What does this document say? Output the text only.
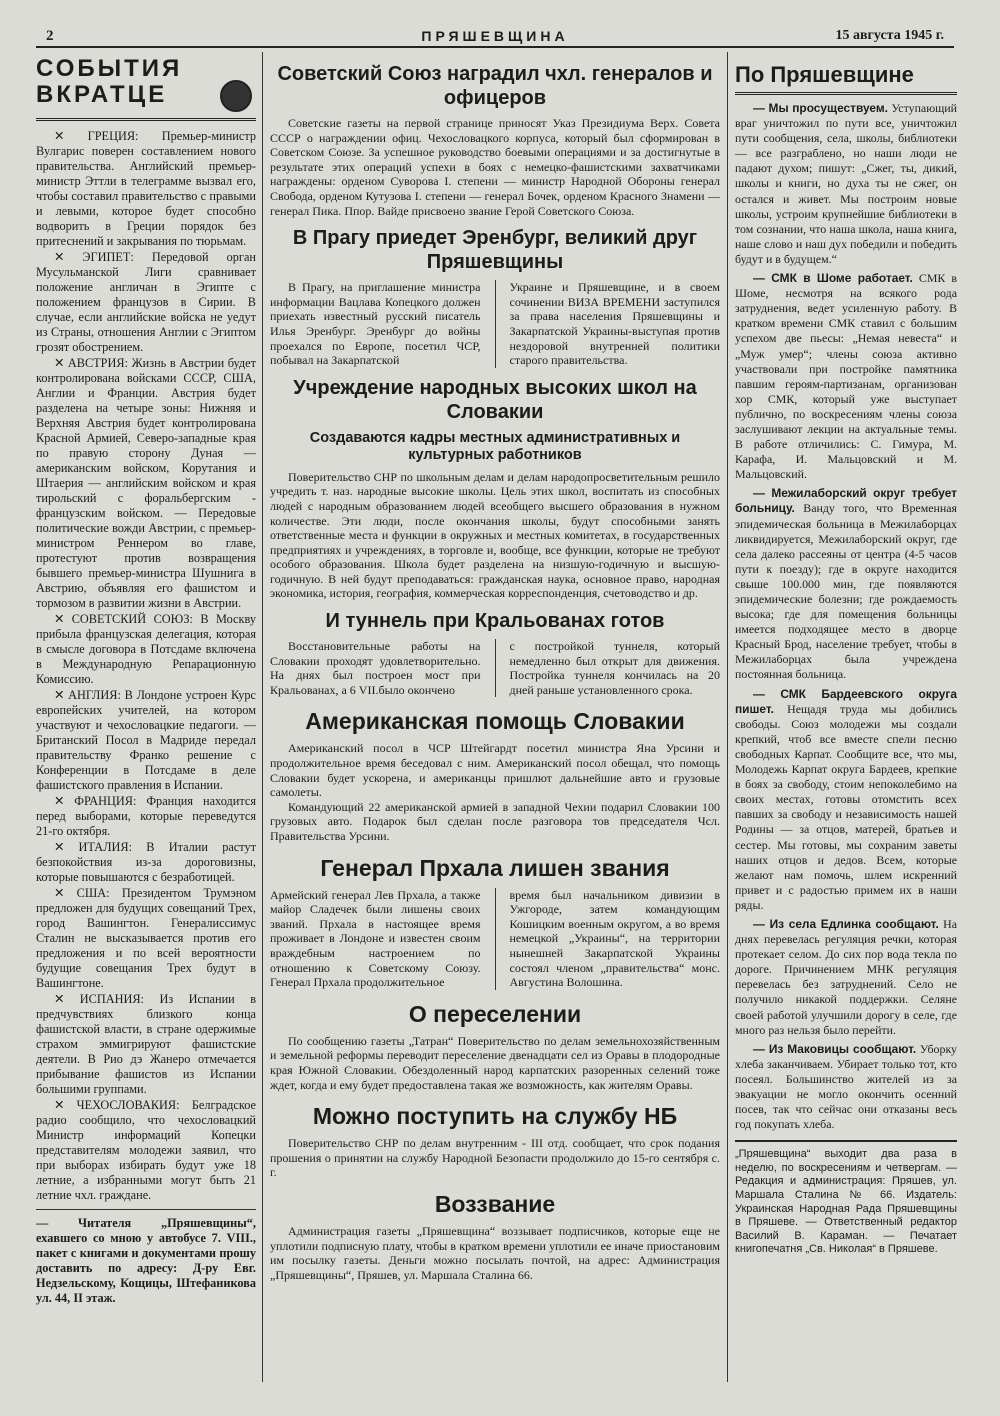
2	ПРЯШЕВЩИНА	15 августа 1945 г.
СОБЫТИЯ
ВКРАТЦЕ

✕ ГРЕЦИЯ: Премьер-министр Вулгарис поверен составлением нового правительства. Английский премьер-министр Эттли в телеграмме вызвал его, чтобы составил правительство с правыми и левыми, которое будет способно водворить в Греции порядок без притеснений и закрывания по тюрьмам.

✕ ЭГИПЕТ: Передовой орган Мусульманской Лиги сравнивает положение англичан в Эгипте с положением французов в Сирии. В случае, если английские войска не уедут из Страны, отношения Англии с Эгиптом грозят обострением.

✕ АВСТРИЯ: Жизнь в Австрии будет контролирована войсками СССР, США, Англии и Франции. Австрия будет разделена на четыре зоны: Нижняя и Верхняя Австрия будет контролирована Красной Армией, Северо-западные края по правую сторону Дуная — американским войском, Корутания и Штаерия — английским войском и края тирольский с форальбергским - французским войском. — Передовые политические вожди Австрии, с премьер-министром Реннером во главе, протестуют против возвращения бывшего премьер-министра Шушнига в Австрию, объявляя его фашистом и тормозом в развитии жизни в Австрии.

✕ СОВЕТСКИЙ СОЮЗ: В Москву прибыла французская делегация, которая в смысле договора в Потсдаме включена в Международную Репарационную Комиссию.

✕ АНГЛИЯ: В Лондоне устроен Курс европейских учителей, на котором участвуют и чехословацкие педагоги. — Британский Посол в Мадриде передал правительству Франко решение с Конференции в Потсдаме в деле фашистского правления в Испании.

✕ ФРАНЦИЯ: Франция находится перед выборами, которые переведутся 21-го октября.

✕ ИТАЛИЯ: В Италии растут безпокойствия из-за дороговизны, которые повышаются с безработицей.

✕ США: Президентом Трумэном предложен для будущих совещаний Трех, город Вашингтон. Генералиссимус Сталин не высказывается против его предложения и по всей вероятности будущие совещания Трех будут в Вашингтоне.

✕ ИСПАНИЯ: Из Испании в предчувствиях близкого конца фашистской власти, в стране одержимые страхом эммигрируют фашистские деятели. В Рио дэ Жанеро отмечается прибывание фашистов из Испании большими группами.

✕ ЧЕХОСЛОВАКИЯ: Белградское радио сообщило, что чехословацкий Министр информаций Копецки представителям молодежи заявил, что при выборах избирать будут уже 18 летние, а избранными могут быть 21 летние чхл. граждане.

— Читателя „Пряшевщины“, ехавшего со мною у автобусе 7. VIII., пакет с книгами и документами прошу доставить по адресу: Д-ру Евг. Недзельскому, Кощицы, Штефаникова ул. 44, II этаж.

Советский Союз наградил чхл. генералов и офицеров

Советские газеты на первой странице приносят Указ Президиума Верх. Совета СССР о награждении офиц. Чехословацкого корпуса, который был сформирован в Советском Союзе. За успешное руководство боевыми операциями и за достигнутые в результате этих операций успехи в боях с немецко-фашистскими захватчиками награждены: орденом Суворова I. степени — министр Народной Обороны генерал Свобода, орденом Кутузова I. степени — генерал Бочек, орденом Красного Знамени — генерал Пика. Ппор. Вайде присвоено звание Герой Советского Союза.

В Прагу приедет Эренбург, великий друг Пряшевщины

В Прагу, на приглашение министра информации Вацлава Копецкого должен приехать известный русский писатель Илья Эренбург. Эренбург до войны проехался по Европе, посетил ЧСР, побывал на Закарпатской

Украине и Пряшевщине, и в своем сочинении ВИЗА ВРЕМЕНИ заступился за права населения Пряшевщины и Закарпатской Украины-выступая против нездоровой внутренней политики старого правительства.

Учреждение народных высоких школ на Словакии
Создаваются кадры местных административных и культурных работников

Поверительство СНР по школьным делам и делам народопросветительным решило учредить т. наз. народные высокие школы. Цель этих школ, воспитать из способных людей с народным образованием людей всеобщего высшего образования в нужном количестве. Эти люди, после окончания школы, будут способными занять ответственные места и функции в окружных и местных комитетах, в государственных предприятиях и учреждениях, в торговле и, вообще, все функции, которые не требуют особого образования. Школа будет разделена на низшую-годичную и высшую-годичную. В ней будут преподаваться: гражданская наука, основное право, народная экономика, история, география, коммерческая корреспонденция, счетоводство и др.

И туннель при Кральованах готов

Восстановительные работы на Словакии проходят удовлетворительно. На днях был построен мост при Кральованах, а 6 VII.было окончено

с постройкой туннеля, который немедленно был открыт для движения. Постройка туннеля кончилась на 20 дней раньше установленного срока.

Американская помощь Словакии

Американский посол в ЧСР Штейгардт посетил министра Яна Урсини и продолжительное время беседовал с ним. Американский посол обещал, что помощь Словакии будет ускорена, и американцы пришлют дальнейшие авто и грузовые самолеты.

Командующий 22 американской армией в западной Чехии подарил Словакии 100 грузовых авто. Подарок был сделан после разговора тов председателя Чсл. Правительства Урсини.

Генерал Прхала лишен звания

Армейский генерал Лев Прхала, а также майор Сладечек были лишены своих званий. Прхала в настоящее время проживает в Лондоне и известен своим враждебным настроением по отношению к Советскому Союзу. Генерал Прхала продолжительное

время был начальником дивизии в Ужгороде, затем командующим Кошицким военным округом, а во время немецкой „Украины“, на территории нынешней Закарпатской Украины состоял членом „правительства“ монс. Августина Волошина.

О переселении

По сообщению газеты „Татран“ Поверительство по делам земельнохозяйственным и земельной реформы переводит переселение двенадцати сел из Оравы в плодородные края Южной Словакии. Обездоленный народ карпатских разоренных селений тоже ждет, когда и ему будет предоставлена такая же возможность, как жителям Оравы.

Можно поступить на службу НБ

Поверительство СНР по делам внутренним - III отд. сообщает, что срок подания прошения о принятии на службу Народной Безопасти продолжило до 15-го сентября с. г.

Воззвание

Администрация газеты „Пряшевщина“ воззывает подписчиков, которые еще не уплотили подписную плату, чтобы в кратком времени уплотили ее иначе приостановим им посылку газеты. Деньги можно посылать почтой, на адрес: Администрация „Пряшевщины“, Пряшев, ул. Маршала Сталина 66.

По Пряшевщине

— Мы просуществуем. Уступающий враг уничтожил по пути все, уничтожил пути сообщения, села, школы, библиотеки — все разграблено, но наши люди не падают духом; пишут: „Сжег, ты, дикий, школы и книги, но духа ты не сжег, он остался и живет. Мы построим новые школы, устроим крупнейшие библиотеки в том сознании, что наша школа, наша книга, наше слово и наш дух победили и победить будут и в будущем.“

— СМК в Шоме работает. СМК в Шоме, несмотря на всякого рода затруднения, ведет усиленную работу. В кратком времени СМК ставил с большим успехом две пьесы: „Немая невеста“ и „Муж умер“; члены союза активно участвовали при постройке памятника павшим героям-партизанам, организован хор СМК, который уже выступает публично, по воскресениям члены союза заслушивают лекции на актуальные темы. В работе отличились: С. Гимура, М. Карафа, И. Мальцовский и М. Мальцовский.

— Межилаборский округ требует больницу. Ванду того, что Временная эпидемическая больница в Межилаборцах ликвидируется, Межилаборский округ, где села далеко рассеяны от центра (4-5 часов пути к поезду); где в округе находится свыше 100.000 мин, где появляются эпидемические болезни; где рождаемость высока; где для помещения больницы имеется подходящее место в дворце Красный Брод, население требует, чтобы в Межилаборцах была учреждена постоянная больница.

— СМК Бардеевского округа пишет. Нещадя труда мы добились свободы. Союз молодежи мы создали крепкий, чтоб все вместе спели песню свободных Карпат. Сообщите все, что мы, Молодежь Карпат округа Бардеев, крепкие в боях за свободу, стоим непоколебимо на своих местах, готовы отомстить всех павших за свободу и независимость нашей Родины — за отцов, матерей, братьев и сестер. Мы готовы, мы сохраним заветы наших отцов и дедов. Всем, которые желают нам помочь, шлем искренний привет и с радостью примем их в наши ряды.

— Из села Едлинка сообщают. На днях перевелась регуляция речки, которая протекает селом. До сих пор вода текла по дороге. Причинением МНК регуляция перевелась без затруднений. Село не получило никакой поддержки. Селяне своей работой улучшили дорогу в селе, где много раз нельзя было перейти.

— Из Маковицы сообщают. Уборку хлеба заканчиваем. Убирает только тот, кто посеял. Большинство жителей из за эвакуации не могло окончить осенний посев, так что сейчас они отказаны весь год покупать хлеба.

„Пряшевщина“ выходит два раза в неделю, по воскресениям и четвергам. — Редакция и администрация: Пряшев, ул. Маршала Сталина № 66. Издатель: Украинская Народная Рада Пряшевщины в Пряшеве. — Ответственный редактор Василий В. Караман. — Печатает книгопечатня „Св. Николая“ в Пряшеве.
